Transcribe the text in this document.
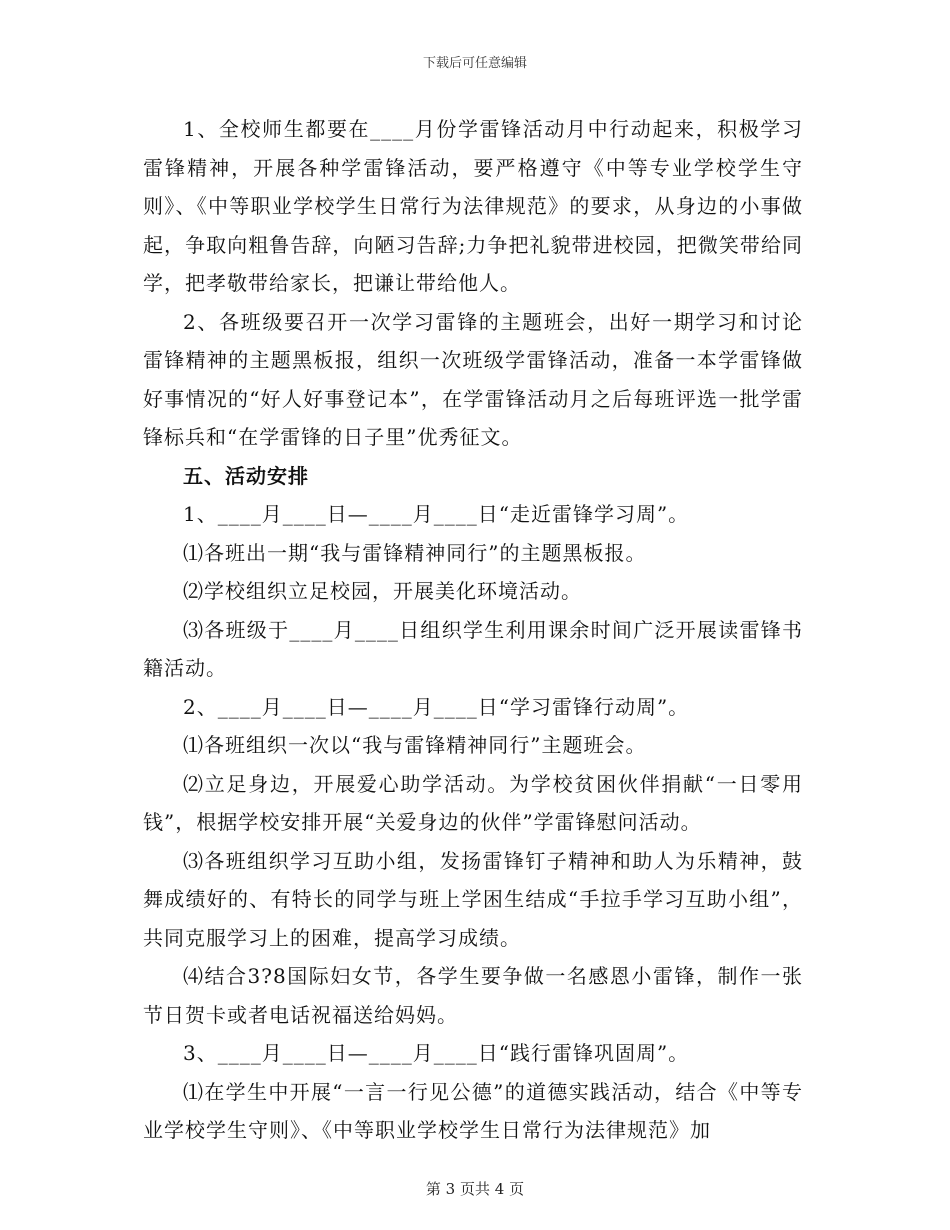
下载后可任意编辑

1、全校师生都要在____月份学雷锋活动月中行动起来，积极学习雷锋精神，开展各种学雷锋活动，要严格遵守《中等专业学校学生守则》、《中等职业学校学生日常行为法律规范》的要求，从身边的小事做起，争取向粗鲁告辞，向陋习告辞;力争把礼貌带进校园，把微笑带给同学，把孝敬带给家长，把谦让带给他人。

2、各班级要召开一次学习雷锋的主题班会，出好一期学习和讨论雷锋精神的主题黑板报，组织一次班级学雷锋活动，准备一本学雷锋做好事情况的“好人好事登记本”，在学雷锋活动月之后每班评选一批学雷锋标兵和“在学雷锋的日子里”优秀征文。

五、活动安排

1、____月____日—____月____日“走近雷锋学习周”。

⑴各班出一期“我与雷锋精神同行”的主题黑板报。

⑵学校组织立足校园，开展美化环境活动。

⑶各班级于____月____日组织学生利用课余时间广泛开展读雷锋书籍活动。

2、____月____日—____月____日“学习雷锋行动周”。

⑴各班组织一次以“我与雷锋精神同行”主题班会。

⑵立足身边，开展爱心助学活动。为学校贫困伙伴捐献“一日零用钱”，根据学校安排开展“关爱身边的伙伴”学雷锋慰问活动。

⑶各班组织学习互助小组，发扬雷锋钉子精神和助人为乐精神，鼓舞成绩好的、有特长的同学与班上学困生结成“手拉手学习互助小组”，共同克服学习上的困难，提高学习成绩。

⑷结合3?8国际妇女节，各学生要争做一名感恩小雷锋，制作一张节日贺卡或者电话祝福送给妈妈。

3、____月____日—____月____日“践行雷锋巩固周”。

⑴在学生中开展“一言一行见公德”的道德实践活动，结合《中等专业学校学生守则》、《中等职业学校学生日常行为法律规范》加

第 3 页共 4 页
